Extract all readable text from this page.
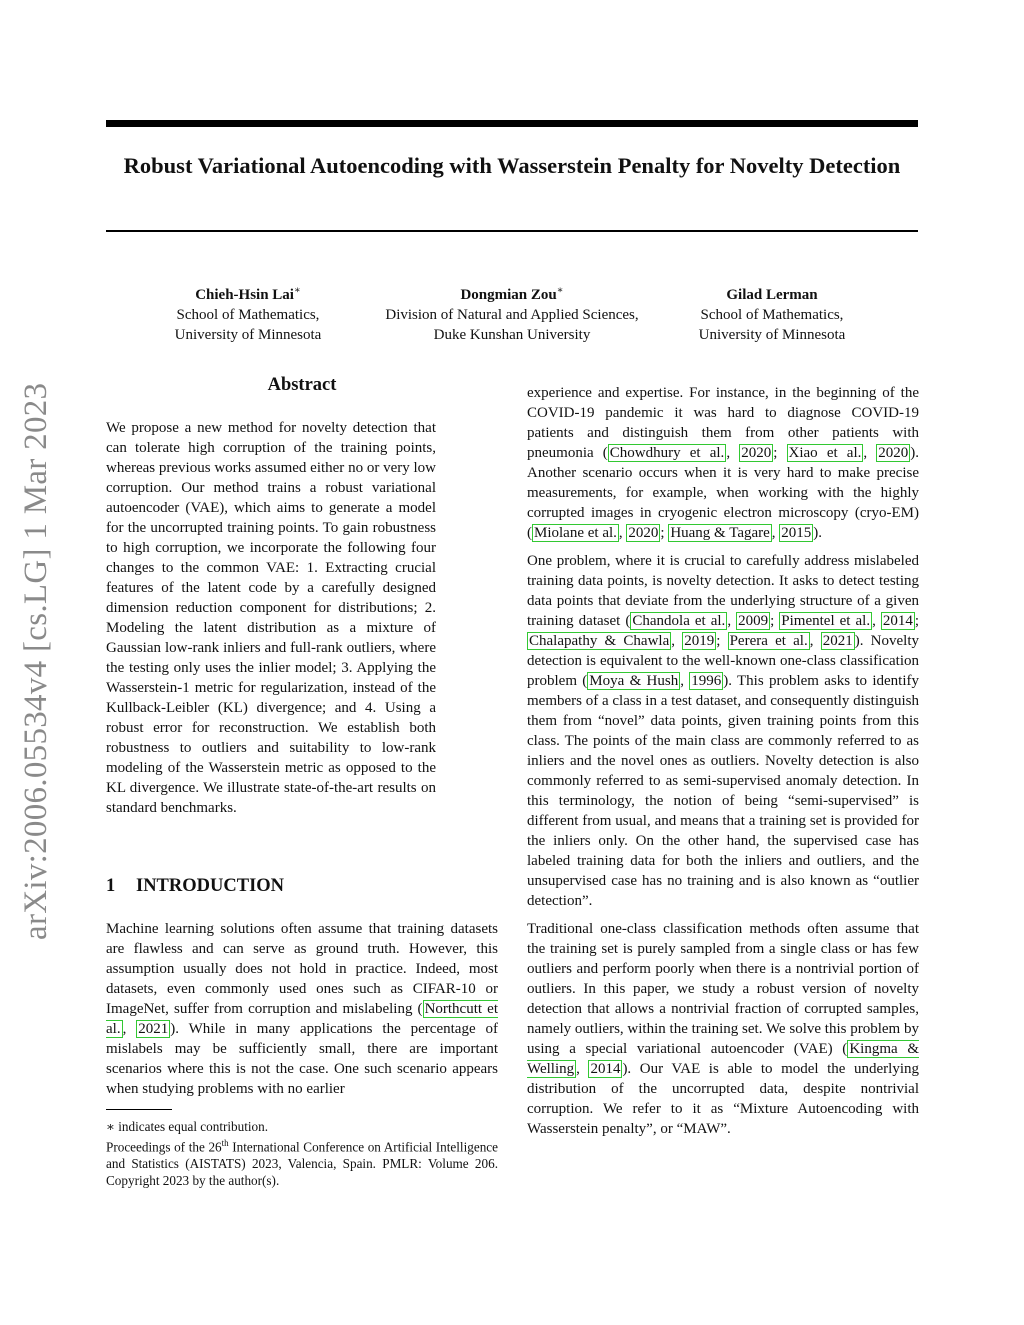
Robust Variational Autoencoding with Wasserstein Penalty for Novelty Detection
arXiv:2006.05534v4 [cs.LG] 1 Mar 2023
Chieh-Hsin Lai∗
School of Mathematics,
University of Minnesota
Dongmian Zou∗
Division of Natural and Applied Sciences,
Duke Kunshan University
Gilad Lerman
School of Mathematics,
University of Minnesota
Abstract

We propose a new method for novelty detection that can tolerate high corruption of the training points, whereas previous works assumed either no or very low corruption. Our method trains a robust variational autoencoder (VAE), which aims to generate a model for the uncorrupted training points. To gain robustness to high corruption, we incorporate the following four changes to the common VAE: 1. Extracting crucial features of the latent code by a carefully designed dimension reduction component for distributions; 2. Modeling the latent distribution as a mixture of Gaussian low-rank inliers and full-rank outliers, where the testing only uses the inlier model; 3. Applying the Wasserstein-1 metric for regularization, instead of the Kullback-Leibler (KL) divergence; and 4. Using a robust error for reconstruction. We establish both robustness to outliers and suitability to low-rank modeling of the Wasserstein metric as opposed to the KL divergence. We illustrate state-of-the-art results on standard benchmarks.

1 INTRODUCTION

Machine learning solutions often assume that training datasets are flawless and can serve as ground truth. However, this assumption usually does not hold in practice. Indeed, most datasets, even commonly used ones such as CIFAR-10 or ImageNet, suffer from corruption and mislabeling ( Northcutt et al. , 2021 ). While in many applications the percentage of mislabels may be sufficiently small, there are important scenarios where this is not the case. One such scenario appears when studying problems with no earlier

∗ indicates equal contribution.

Proceedings of the 26th International Conference on Artificial Intelligence and Statistics (AISTATS) 2023, Valencia, Spain. PMLR: Volume 206. Copyright 2023 by the author(s).

experience and expertise. For instance, in the beginning of the COVID-19 pandemic it was hard to diagnose COVID-19 patients and distinguish them from other patients with pneumonia ( Chowdhury et al. , 2020 ; Xiao et al. , 2020 ). Another scenario occurs when it is very hard to make precise measurements, for example, when working with the highly corrupted images in cryogenic electron microscopy (cryo-EM) ( Miolane et al. , 2020 ; Huang & Tagare , 2015 ).

One problem, where it is crucial to carefully address mislabeled training data points, is novelty detection. It asks to detect testing data points that deviate from the underlying structure of a given training dataset ( Chandola et al. , 2009 ; Pimentel et al. , 2014 ; Chalapathy & Chawla , 2019 ; Perera et al. , 2021 ). Novelty detection is equivalent to the well-known one-class classification problem ( Moya & Hush , 1996 ). This problem asks to identify members of a class in a test dataset, and consequently distinguish them from “novel” data points, given training points from this class. The points of the main class are commonly referred to as inliers and the novel ones as outliers. Novelty detection is also commonly referred to as semi-supervised anomaly detection. In this terminology, the notion of being “semi-supervised” is different from usual, and means that a training set is provided for the inliers only. On the other hand, the supervised case has labeled training data for both the inliers and outliers, and the unsupervised case has no training and is also known as “outlier detection”.

Traditional one-class classification methods often assume that the training set is purely sampled from a single class or has few outliers and perform poorly when there is a nontrivial portion of outliers. In this paper, we study a robust version of novelty detection that allows a nontrivial fraction of corrupted samples, namely outliers, within the training set. We solve this problem by using a special variational autoencoder (VAE) ( Kingma & Welling , 2014 ). Our VAE is able to model the underlying distribution of the uncorrupted data, despite nontrivial corruption. We refer to it as “Mixture Autoencoding with Wasserstein penalty”, or “MAW”.
